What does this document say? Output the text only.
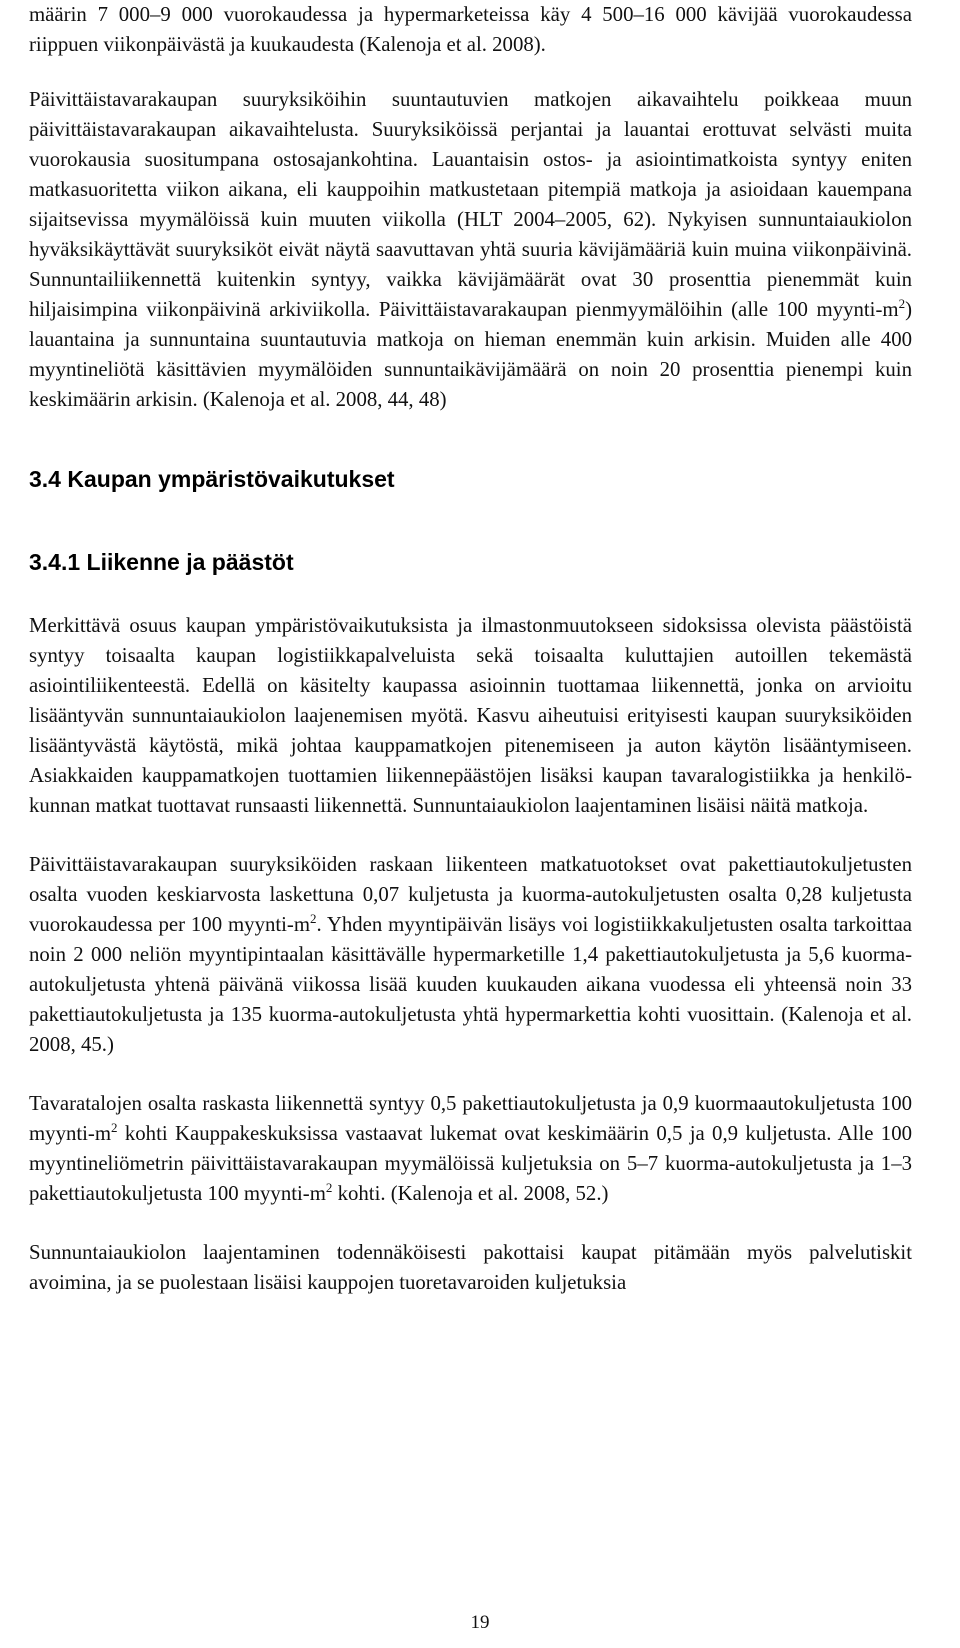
määrin 7 000–9 000 vuorokaudessa ja hypermarketeissa käy 4 500–16 000 kävijää vuorokaudessa riippuen viikonpäivästä ja kuukaudesta (Kalenoja et al. 2008).

Päivittäistavarakaupan suuryksiköihin suuntautuvien matkojen aikavaihtelu poikkeaa muun päivittäistavarakaupan aikavaihtelusta. Suuryksiköissä perjantai ja lauantai erottuvat selvästi muita vuorokausia suositumpana ostosajankohtina. Lauantaisin ostos- ja asiointimatkoista syntyy eniten matkasuoritetta viikon aikana, eli kauppoihin matkustetaan pitempiä matkoja ja asioidaan kauempana sijaitsevissa myymälöissä kuin muuten viikolla (HLT 2004–2005, 62). Nykyisen sunnuntaiaukiolon hyväksikäyttävät suuryksiköt eivät näytä saavuttavan yhtä suuria kävijämääriä kuin muina viikonpäivinä. Sunnuntailiikennettä kuitenkin syntyy, vaikka kävijämäärät ovat 30 prosenttia pienemmät kuin hiljaisimpina viikonpäivinä arkiviikolla. Päivittäistavarakaupan pienmyymälöihin (alle 100 myynti-$m^2$) lauantaina ja sunnuntaina suuntautuvia matkoja on hieman enemmän kuin arkisin. Muiden alle 400 myyntineliötä käsittävien myymälöiden sunnuntaikävijämäärä on noin 20 prosenttia pienempi kuin keskimäärin arkisin. (Kalenoja et al. 2008, 44, 48)

3.4 Kaupan ympäristövaikutukset
3.4.1 Liikenne ja päästöt

Merkittävä osuus kaupan ympäristövaikutuksista ja ilmastonmuutokseen sidoksissa olevista päästöistä syntyy toisaalta kaupan logistiikkapalveluista sekä toisaalta kuluttajien autoillen tekemästä asiointiliikenteestä. Edellä on käsitelty kaupassa asioinnin tuottamaa liikennettä, jonka on arvioitu lisääntyvän sunnuntaiaukiolon laajenemisen myötä. Kasvu aiheutuisi erityisesti kaupan suuryksiköiden lisääntyvästä käytöstä, mikä johtaa kauppamatkojen pitenemiseen ja auton käytön lisääntymiseen. Asiakkaiden kauppamatkojen tuottamien liikennepäästöjen lisäksi kaupan tavaralogistiikka ja henkilökunnan matkat tuottavat runsaasti liikennettä. Sunnuntaiaukiolon laajentaminen lisäisi näitä matkoja.

Päivittäistavarakaupan suuryksiköiden raskaan liikenteen matkatuotokset ovat pakettiautokuljetusten osalta vuoden keskiarvosta laskettuna 0,07 kuljetusta ja kuorma-autokuljetusten osalta 0,28 kuljetusta vuorokaudessa per 100 myynti-$m^2$. Yhden myyntipäivän lisäys voi logistiikkakuljetusten osalta tarkoittaa noin 2 000 neliön myyntipintaalan käsittävälle hypermarketille 1,4 pakettiautokuljetusta ja 5,6 kuorma-autokuljetusta yhtenä päivänä viikossa lisää kuuden kuukauden aikana vuodessa eli yhteensä noin 33 pakettiautokuljetusta ja 135 kuorma-autokuljetusta yhtä hypermarkettia kohti vuosittain. (Kalenoja et al. 2008, 45.)

Tavaratalojen osalta raskasta liikennettä syntyy 0,5 pakettiautokuljetusta ja 0,9 kuormaautokuljetusta 100 myynti-$m^2$ kohti Kauppakeskuksissa vastaavat lukemat ovat keskimäärin 0,5 ja 0,9 kuljetusta. Alle 100 myyntineliömetrin päivittäistavarakaupan myymälöissä kuljetuksia on 5–7 kuorma-autokuljetusta ja 1–3 pakettiautokuljetusta 100 myynti-$m^2$ kohti. (Kalenoja et al. 2008, 52.)

Sunnuntaiaukiolon laajentaminen todennäköisesti pakottaisi kaupat pitämään myös palvelutiskit avoimina, ja se puolestaan lisäisi kauppojen tuoretavaroiden kuljetuksia

19
